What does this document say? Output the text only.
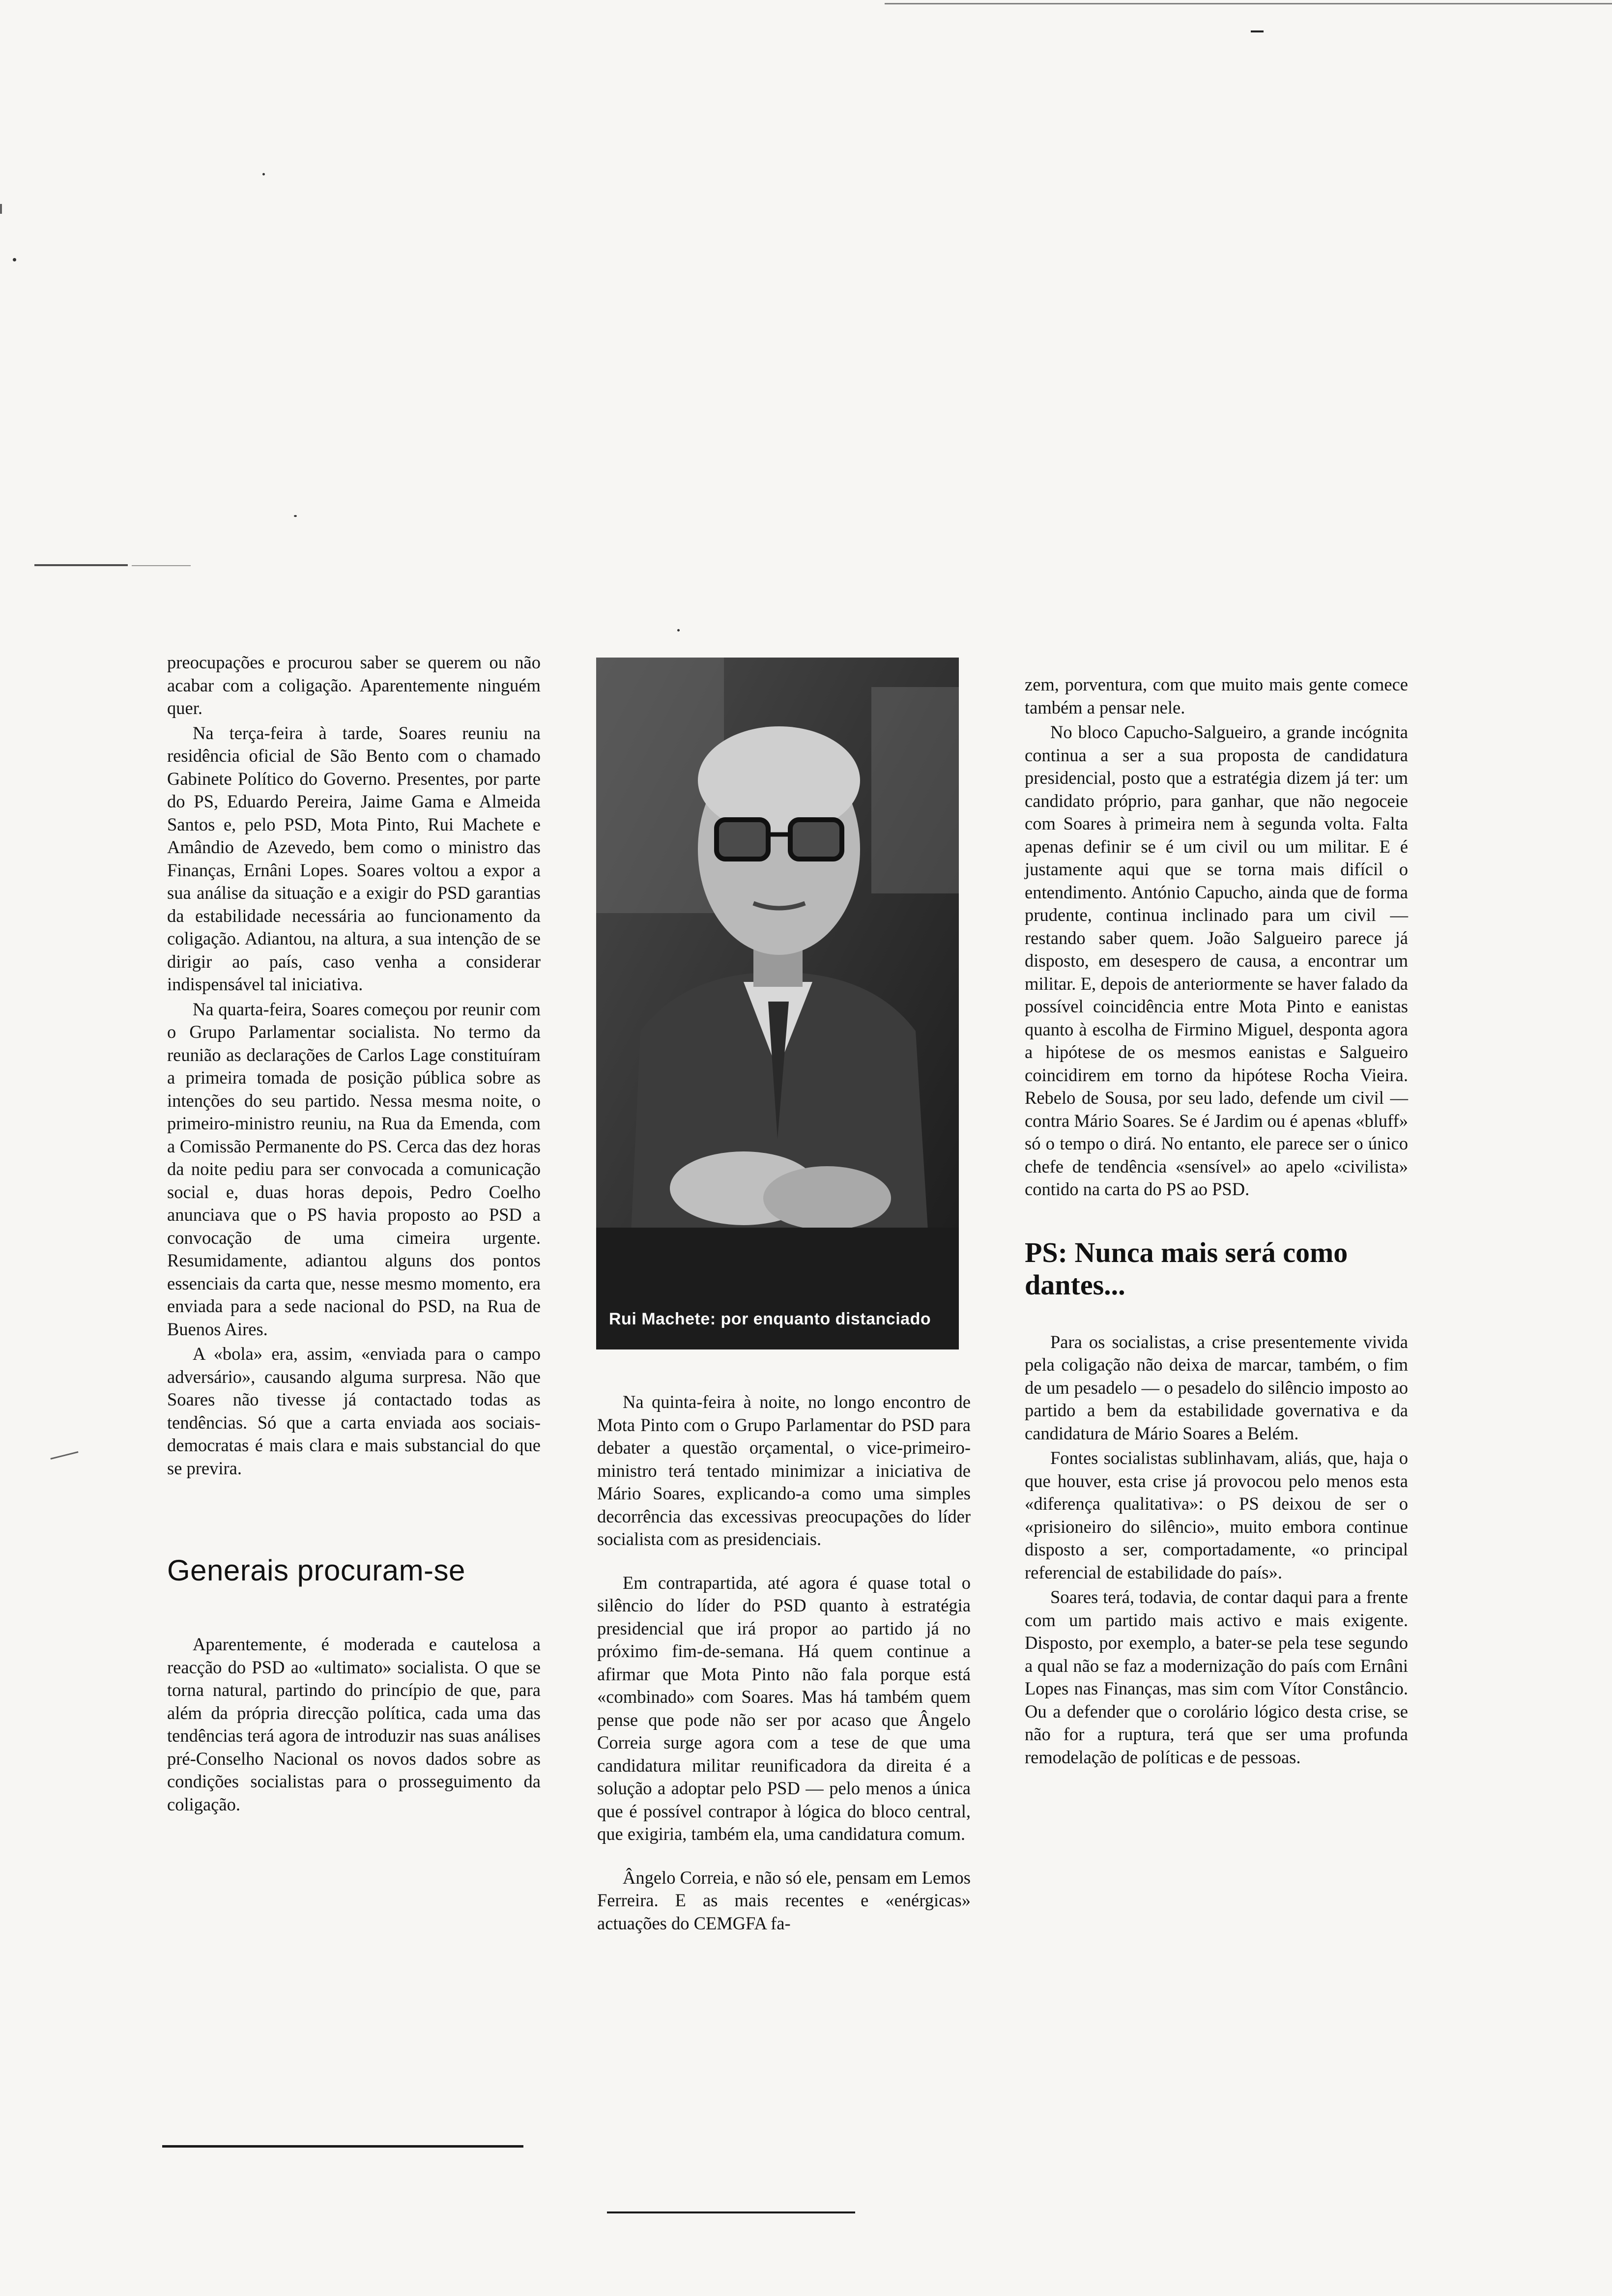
preocupações e procurou saber se querem ou não acabar com a coligação. Aparentemente ninguém quer.

Na terça-feira à tarde, Soares reuniu na residência oficial de São Bento com o chamado Gabinete Político do Governo. Presentes, por parte do PS, Eduardo Pereira, Jaime Gama e Almeida Santos e, pelo PSD, Mota Pinto, Rui Machete e Amândio de Azevedo, bem como o ministro das Finanças, Ernâni Lopes. Soares voltou a expor a sua análise da situação e a exigir do PSD garantias da estabilidade necessária ao funcionamento da coligação. Adiantou, na altura, a sua intenção de se dirigir ao país, caso venha a considerar indispensável tal iniciativa.

Na quarta-feira, Soares começou por reunir com o Grupo Parlamentar socialista. No termo da reunião as declarações de Carlos Lage constituíram a primeira tomada de posição pública sobre as intenções do seu partido. Nessa mesma noite, o primeiro-ministro reuniu, na Rua da Emenda, com a Comissão Permanente do PS. Cerca das dez horas da noite pediu para ser convocada a comunicação social e, duas horas depois, Pedro Coelho anunciava que o PS havia proposto ao PSD a convocação de uma cimeira urgente. Resumidamente, adiantou alguns dos pontos essenciais da carta que, nesse mesmo momento, era enviada para a sede nacional do PSD, na Rua de Buenos Aires.

A «bola» era, assim, «enviada para o campo adversário», causando alguma surpresa. Não que Soares não tivesse já contactado todas as tendências. Só que a carta enviada aos sociais-democratas é mais clara e mais substancial do que se previra.

Generais procuram-se

Aparentemente, é moderada e cautelosa a reacção do PSD ao «ultimato» socialista. O que se torna natural, partindo do princípio de que, para além da própria direcção política, cada uma das tendências terá agora de introduzir nas suas análises pré-Conselho Nacional os novos dados sobre as condições socialistas para o prosseguimento da coligação.

Rui Machete: por enquanto distanciado

Na quinta-feira à noite, no longo encontro de Mota Pinto com o Grupo Parlamentar do PSD para debater a questão orçamental, o vice-primeiro-ministro terá tentado minimizar a iniciativa de Mário Soares, explicando-a como uma simples decorrência das excessivas preocupações do líder socialista com as presidenciais.

Em contrapartida, até agora é quase total o silêncio do líder do PSD quanto à estratégia presidencial que irá propor ao partido já no próximo fim-de-semana. Há quem continue a afirmar que Mota Pinto não fala porque está «combinado» com Soares. Mas há também quem pense que pode não ser por acaso que Ângelo Correia surge agora com a tese de que uma candidatura militar reunificadora da direita é a solução a adoptar pelo PSD — pelo menos a única que é possível contrapor à lógica do bloco central, que exigiria, também ela, uma candidatura comum.

Ângelo Correia, e não só ele, pensam em Lemos Ferreira. E as mais recentes e «enérgicas» actuações do CEMGFA fa-

zem, porventura, com que muito mais gente comece também a pensar nele.

No bloco Capucho-Salgueiro, a grande incógnita continua a ser a sua proposta de candidatura presidencial, posto que a estratégia dizem já ter: um candidato próprio, para ganhar, que não negoceie com Soares à primeira nem à segunda volta. Falta apenas definir se é um civil ou um militar. E é justamente aqui que se torna mais difícil o entendimento. António Capucho, ainda que de forma prudente, continua inclinado para um civil — restando saber quem. João Salgueiro parece já disposto, em desespero de causa, a encontrar um militar. E, depois de anteriormente se haver falado da possível coincidência entre Mota Pinto e eanistas quanto à escolha de Firmino Miguel, desponta agora a hipótese de os mesmos eanistas e Salgueiro coincidirem em torno da hipótese Rocha Vieira. Rebelo de Sousa, por seu lado, defende um civil — contra Mário Soares. Se é Jardim ou é apenas «bluff» só o tempo o dirá. No entanto, ele parece ser o único chefe de tendência «sensível» ao apelo «civilista» contido na carta do PS ao PSD.

PS: Nunca mais será como dantes...

Para os socialistas, a crise presentemente vivida pela coligação não deixa de marcar, também, o fim de um pesadelo — o pesadelo do silêncio imposto ao partido a bem da estabilidade governativa e da candidatura de Mário Soares a Belém.

Fontes socialistas sublinhavam, aliás, que, haja o que houver, esta crise já provocou pelo menos esta «diferença qualitativa»: o PS deixou de ser o «prisioneiro do silêncio», muito embora continue disposto a ser, comportadamente, «o principal referencial de estabilidade do país».

Soares terá, todavia, de contar daqui para a frente com um partido mais activo e mais exigente. Disposto, por exemplo, a bater-se pela tese segundo a qual não se faz a modernização do país com Ernâni Lopes nas Finanças, mas sim com Vítor Constâncio. Ou a defender que o corolário lógico desta crise, se não for a ruptura, terá que ser uma profunda remodelação de políticas e de pessoas.
